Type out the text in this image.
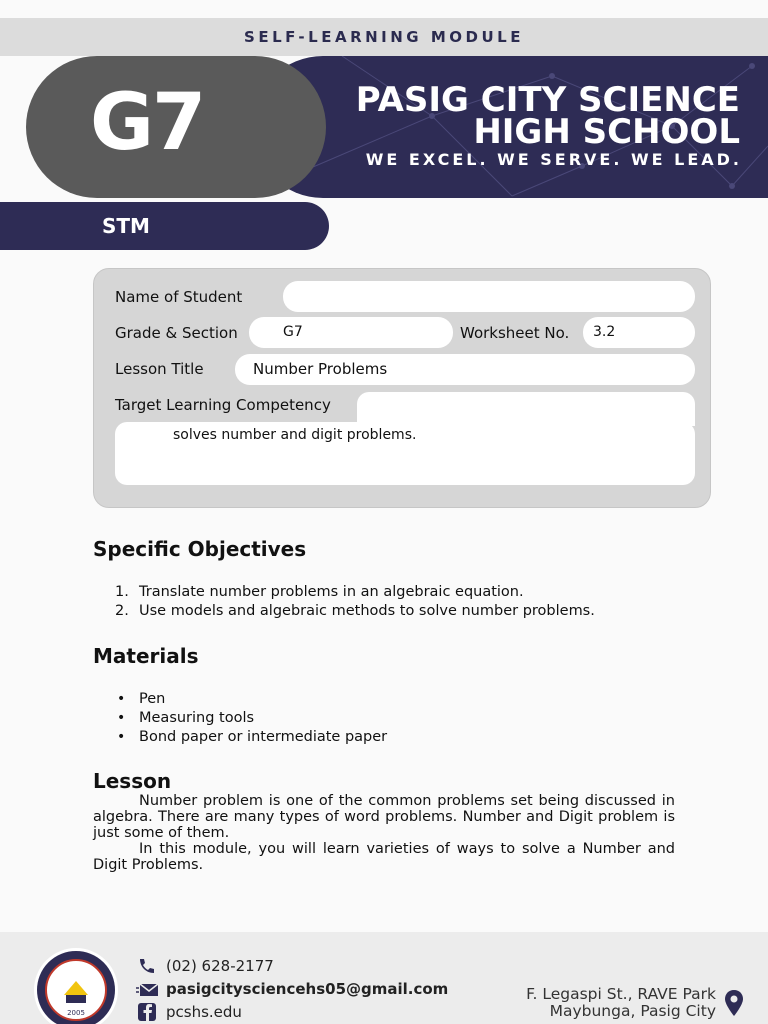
SELF-LEARNING MODULE
PASIG CITY SCIENCE
HIGH SCHOOL
WE EXCEL. WE SERVE. WE LEAD.
G7
STM
Name of Student
Grade & Section	G7	Worksheet No.	3.2
Lesson Title	Number Problems
Target Learning Competency
solves number and digit problems.
Specific Objectives
1. Translate number problems in an algebraic equation.
2. Use models and algebraic methods to solve number problems.
Materials
• Pen
• Measuring tools
• Bond paper or intermediate paper
Lesson

Number problem is one of the common problems set being discussed in algebra. There are many types of word problems. Number and Digit problem is just some of them.

In this module, you will learn varieties of ways to solve a Number and Digit Problems.

2005
(02) 628-2177
pasigcitysciencehs05@gmail.com
pcshs.edu
F. Legaspi St., RAVE Park
Maybunga, Pasig City
